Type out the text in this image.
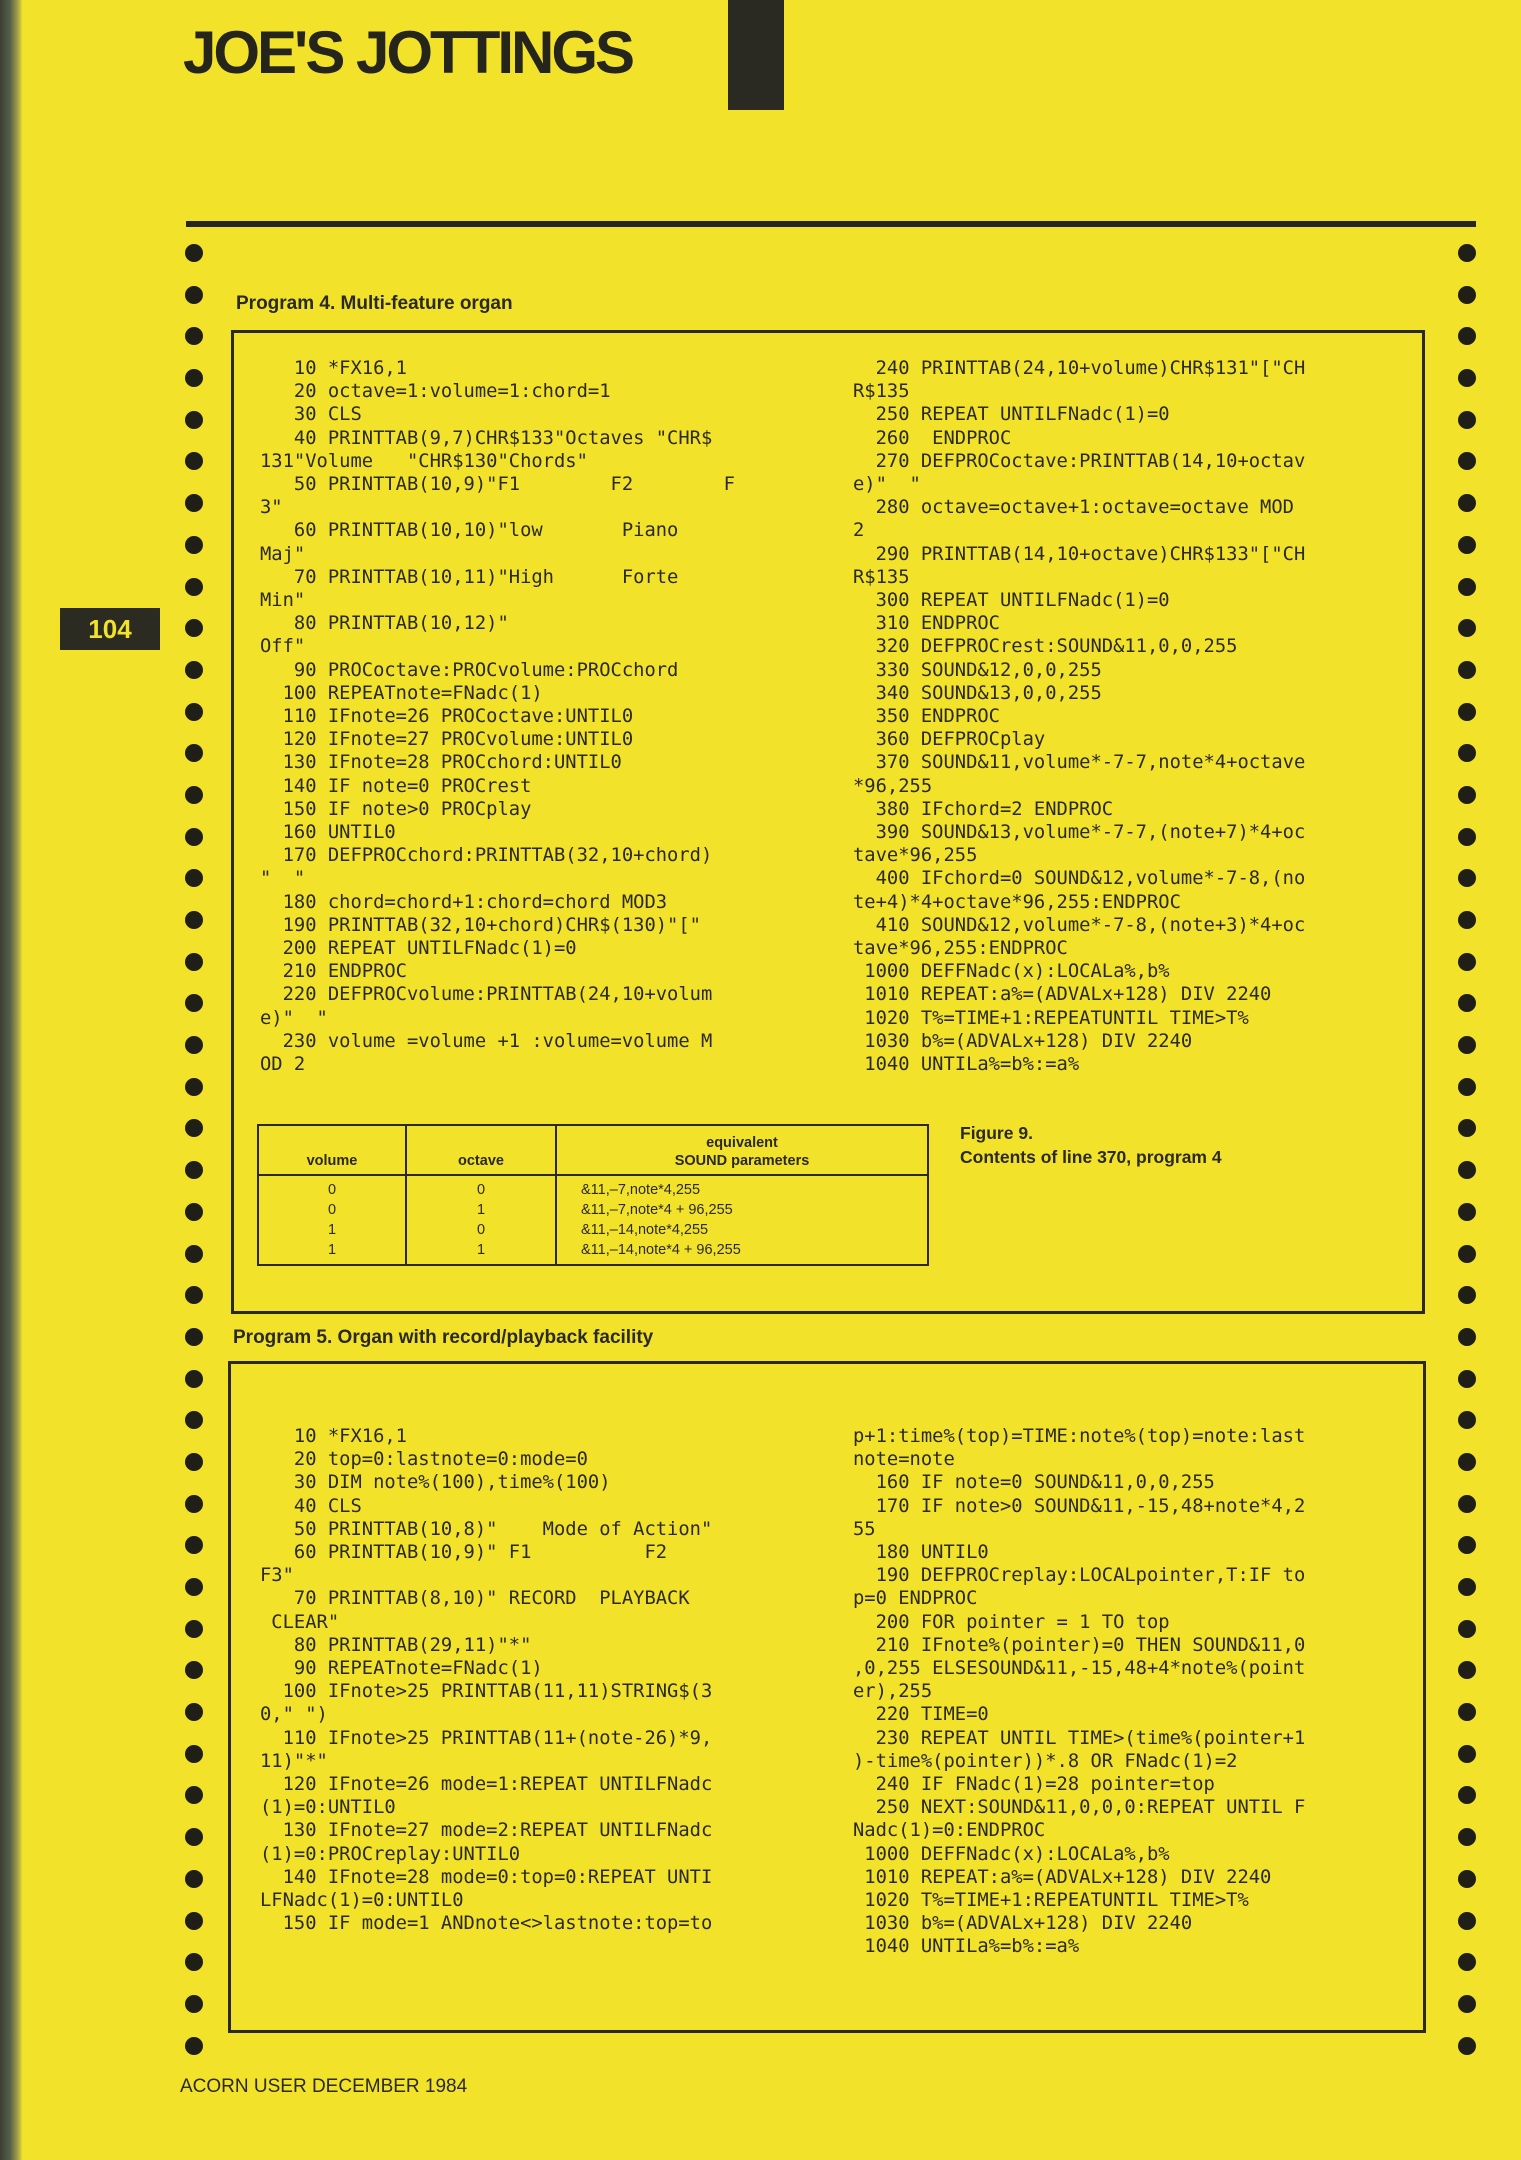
JOE'S JOTTINGS
104

Program 4. Multi-feature organ

10 *FX16,1
20 octave=1:volume=1:chord=1
30 CLS
40 PRINTTAB(9,7)CHR$133"Octaves "CHR$
131"Volume   "CHR$130"Chords"
50 PRINTTAB(10,9)"F1        F2        F
3"
60 PRINTTAB(10,10)"low       Piano
Maj"
70 PRINTTAB(10,11)"High      Forte
Min"
80 PRINTTAB(10,12)"
Off"
90 PROCoctave:PROCvolume:PROCchord
100 REPEATnote=FNadc(1)
110 IFnote=26 PROCoctave:UNTIL0
120 IFnote=27 PROCvolume:UNTIL0
130 IFnote=28 PROCchord:UNTIL0
140 IF note=0 PROCrest
150 IF note>0 PROCplay
160 UNTIL0
170 DEFPROCchord:PRINTTAB(32,10+chord)
"  "
180 chord=chord+1:chord=chord MOD3
190 PRINTTAB(32,10+chord)CHR$(130)"["
200 REPEAT UNTILFNadc(1)=0
210 ENDPROC
220 DEFPROCvolume:PRINTTAB(24,10+volum
e)"  "
230 volume =volume +1 :volume=volume M
OD 2
240 PRINTTAB(24,10+volume)CHR$131"["CH
R$135
250 REPEAT UNTILFNadc(1)=0
260  ENDPROC
270 DEFPROCoctave:PRINTTAB(14,10+octav
e)"  "
280 octave=octave+1:octave=octave MOD
2
290 PRINTTAB(14,10+octave)CHR$133"["CH
R$135
300 REPEAT UNTILFNadc(1)=0
310 ENDPROC
320 DEFPROCrest:SOUND&11,0,0,255
330 SOUND&12,0,0,255
340 SOUND&13,0,0,255
350 ENDPROC
360 DEFPROCplay
370 SOUND&11,volume*-7-7,note*4+octave
*96,255
380 IFchord=2 ENDPROC
390 SOUND&13,volume*-7-7,(note+7)*4+oc
tave*96,255
400 IFchord=0 SOUND&12,volume*-7-8,(no
te+4)*4+octave*96,255:ENDPROC
410 SOUND&12,volume*-7-8,(note+3)*4+oc
tave*96,255:ENDPROC
1000 DEFFNadc(x):LOCALa%,b%
1010 REPEAT:a%=(ADVALx+128) DIV 2240
1020 T%=TIME+1:REPEATUNTIL TIME>T%
1030 b%=(ADVALx+128) DIV 2240
1040 UNTILa%=b%:=a%
volume	octave	equivalent
SOUND parameters
0	0	&11,–7,note*4,255
0	1	&11,–7,note*4 + 96,255
1	0	&11,–14,note*4,255
1	1	&11,–14,note*4 + 96,255

Figure 9.
Contents of line 370, program 4

Program 5. Organ with record/playback facility

10 *FX16,1
20 top=0:lastnote=0:mode=0
30 DIM note%(100),time%(100)
40 CLS
50 PRINTTAB(10,8)"    Mode of Action"
60 PRINTTAB(10,9)" F1          F2
F3"
70 PRINTTAB(8,10)" RECORD  PLAYBACK
CLEAR"
80 PRINTTAB(29,11)"*"
90 REPEATnote=FNadc(1)
100 IFnote>25 PRINTTAB(11,11)STRING$(3
0," ")
110 IFnote>25 PRINTTAB(11+(note-26)*9,
11)"*"
120 IFnote=26 mode=1:REPEAT UNTILFNadc
(1)=0:UNTIL0
130 IFnote=27 mode=2:REPEAT UNTILFNadc
(1)=0:PROCreplay:UNTIL0
140 IFnote=28 mode=0:top=0:REPEAT UNTI
LFNadc(1)=0:UNTIL0
150 IF mode=1 ANDnote<>lastnote:top=to
p+1:time%(top)=TIME:note%(top)=note:last
note=note
160 IF note=0 SOUND&11,0,0,255
170 IF note>0 SOUND&11,-15,48+note*4,2
55
180 UNTIL0
190 DEFPROCreplay:LOCALpointer,T:IF to
p=0 ENDPROC
200 FOR pointer = 1 TO top
210 IFnote%(pointer)=0 THEN SOUND&11,0
,0,255 ELSESOUND&11,-15,48+4*note%(point
er),255
220 TIME=0
230 REPEAT UNTIL TIME>(time%(pointer+1
)-time%(pointer))*.8 OR FNadc(1)=2
240 IF FNadc(1)=28 pointer=top
250 NEXT:SOUND&11,0,0,0:REPEAT UNTIL F
Nadc(1)=0:ENDPROC
1000 DEFFNadc(x):LOCALa%,b%
1010 REPEAT:a%=(ADVALx+128) DIV 2240
1020 T%=TIME+1:REPEATUNTIL TIME>T%
1030 b%=(ADVALx+128) DIV 2240
1040 UNTILa%=b%:=a%

ACORN USER DECEMBER 1984
